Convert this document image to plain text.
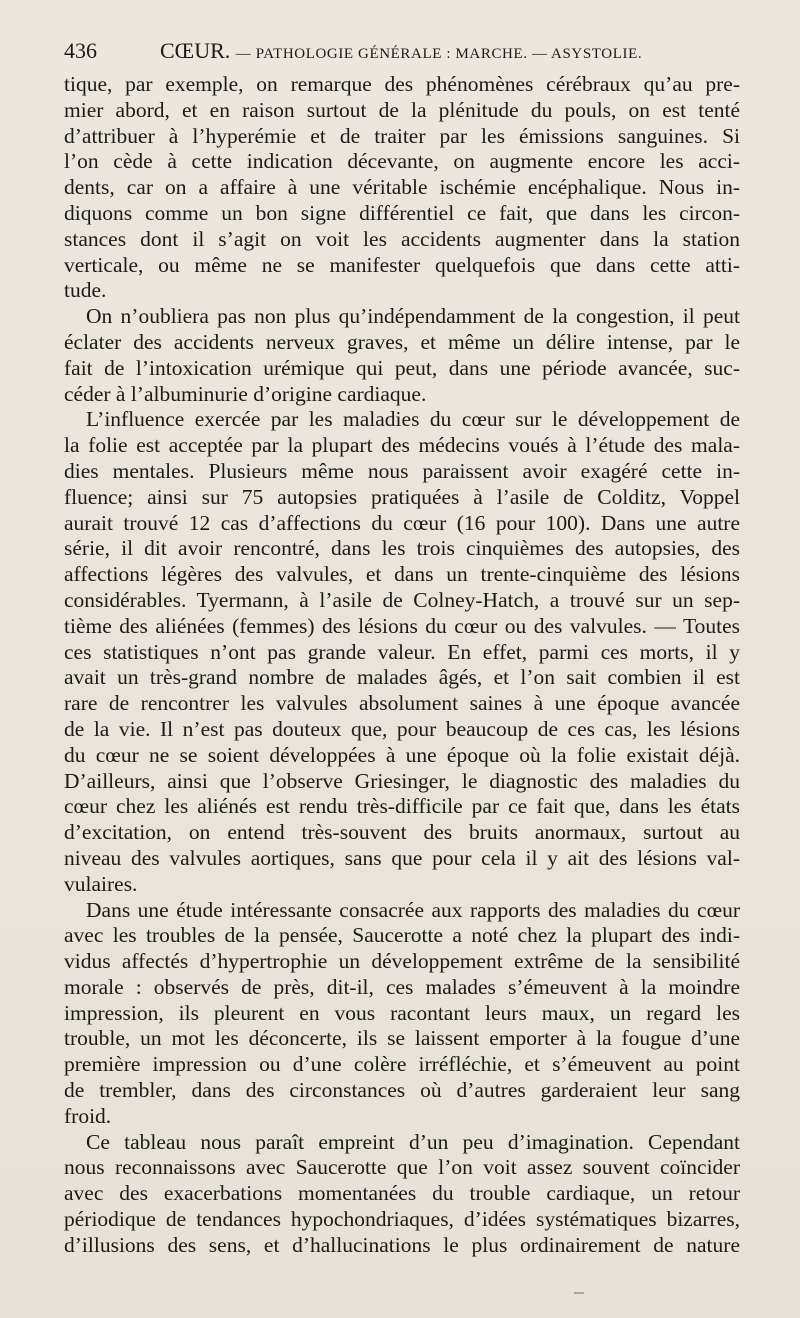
436	CŒUR. — PATHOLOGIE GÉNÉRALE : MARCHE. — ASYSTOLIE.
tique, par exemple, on remarque des phénomènes cérébraux qu’au pre-
mier abord, et en raison surtout de la plénitude du pouls, on est tenté
d’attribuer à l’hyperémie et de traiter par les émissions sanguines. Si
l’on cède à cette indication décevante, on augmente encore les acci-
dents, car on a affaire à une véritable ischémie encéphalique. Nous in-
diquons comme un bon signe différentiel ce fait, que dans les circon-
stances dont il s’agit on voit les accidents augmenter dans la station
verticale, ou même ne se manifester quelquefois que dans cette atti-
tude.
On n’oubliera pas non plus qu’indépendamment de la congestion, il peut
éclater des accidents nerveux graves, et même un délire intense, par le
fait de l’intoxication urémique qui peut, dans une période avancée, suc-
céder à l’albuminurie d’origine cardiaque.
L’influence exercée par les maladies du cœur sur le développement de
la folie est acceptée par la plupart des médecins voués à l’étude des mala-
dies mentales. Plusieurs même nous paraissent avoir exagéré cette in-
fluence; ainsi sur 75 autopsies pratiquées à l’asile de Colditz, Voppel
aurait trouvé 12 cas d’affections du cœur (16 pour 100). Dans une autre
série, il dit avoir rencontré, dans les trois cinquièmes des autopsies, des
affections légères des valvules, et dans un trente-cinquième des lésions
considérables. Tyermann, à l’asile de Colney-Hatch, a trouvé sur un sep-
tième des aliénées (femmes) des lésions du cœur ou des valvules. — Toutes
ces statistiques n’ont pas grande valeur. En effet, parmi ces morts, il y
avait un très-grand nombre de malades âgés, et l’on sait combien il est
rare de rencontrer les valvules absolument saines à une époque avancée
de la vie. Il n’est pas douteux que, pour beaucoup de ces cas, les lésions
du cœur ne se soient développées à une époque où la folie existait déjà.
D’ailleurs, ainsi que l’observe Griesinger, le diagnostic des maladies du
cœur chez les aliénés est rendu très-difficile par ce fait que, dans les états
d’excitation, on entend très-souvent des bruits anormaux, surtout au
niveau des valvules aortiques, sans que pour cela il y ait des lésions val-
vulaires.
Dans une étude intéressante consacrée aux rapports des maladies du cœur
avec les troubles de la pensée, Saucerotte a noté chez la plupart des indi-
vidus affectés d’hypertrophie un développement extrême de la sensibilité
morale : observés de près, dit-il, ces malades s’émeuvent à la moindre
impression, ils pleurent en vous racontant leurs maux, un regard les
trouble, un mot les déconcerte, ils se laissent emporter à la fougue d’une
première impression ou d’une colère irréfléchie, et s’émeuvent au point
de trembler, dans des circonstances où d’autres garderaient leur sang
froid.
Ce tableau nous paraît empreint d’un peu d’imagination. Cependant
nous reconnaissons avec Saucerotte que l’on voit assez souvent coïncider
avec des exacerbations momentanées du trouble cardiaque, un retour
périodique de tendances hypochondriaques, d’idées systématiques bizarres,
d’illusions des sens, et d’hallucinations le plus ordinairement de nature
